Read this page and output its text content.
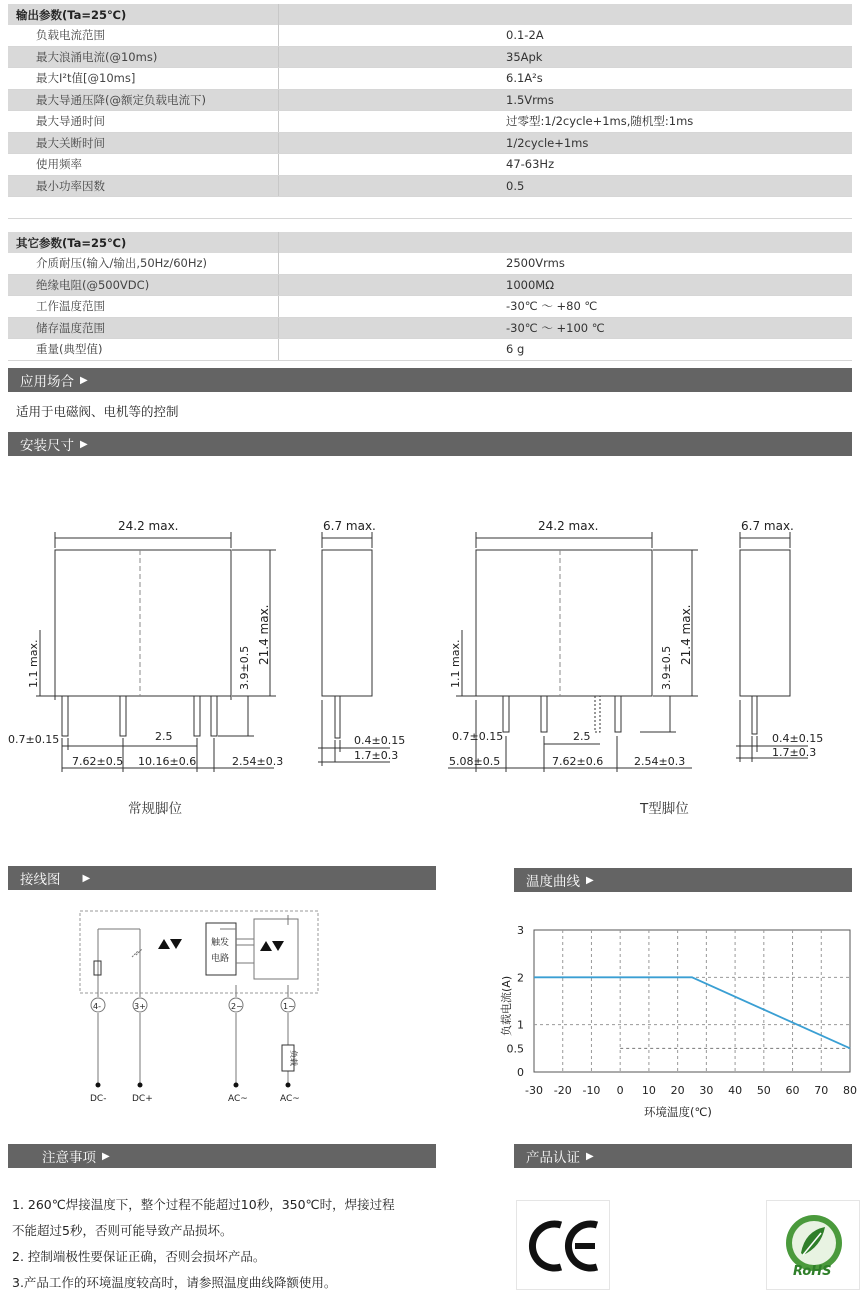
输出参数(Ta=25℃)
负载电流范围	0.1-2A
最大浪涌电流(@10ms)	35Apk
最大I²t值[@10ms]	6.1A²s
最大导通压降(@额定负载电流下)	1.5Vrms
最大导通时间	过零型:1/2cycle+1ms,随机型:1ms
最大关断时间	1/2cycle+1ms
使用频率	47-63Hz
最小功率因数	0.5
其它参数(Ta=25℃)
介质耐压(输入/输出,50Hz/60Hz)	2500Vrms
绝缘电阻(@500VDC)	1000MΩ
工作温度范围	-30℃ ～ +80 ℃
储存温度范围	-30℃ ～ +100 ℃
重量(典型值)	6 g
应用场合 ▶
适用于电磁阀、电机等的控制
安装尺寸 ▶
24.2 max.	6.7 max.
21.4 max.
3.9±0.5
1.1 max.
0.7±0.15
7.62±0.5 10.16±0.6
2.5
2.54±0.3
0.4±0.15
1.7±0.3
24.2 max.	6.7 max.
21.4 max.
3.9±0.5
1.1 max.
0.7±0.15
5.08±0.5	7.62±0.6
2.5
2.54±0.3
0.4±0.15
1.7±0.3
常规脚位	T型脚位
接线图 ▶
触发
电路
4-	3+	2~	1~
负载
DC-	DC+	AC~	AC~
温度曲线 ▶
-30 -20 -10 0 10 20 30 40 50 60 70 80
0
0.5
1
2
3
环境温度(℃)
负载电流(A)
注意事项 ▶
1. 260℃焊接温度下，整个过程不能超过10秒，350℃时，焊接过程
不能超过5秒，否则可能导致产品损坏。
2. 控制端极性要保证正确，否则会损坏产品。
3.产品工作的环境温度较高时，请参照温度曲线降额使用。
产品认证 ▶
RoHS
